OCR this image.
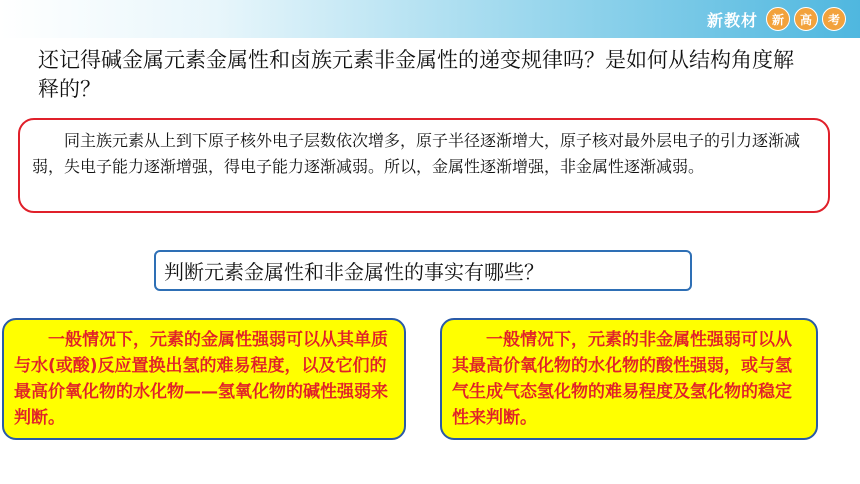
新教材	新	高	考
还记得碱金属元素金属性和卤族元素非金属性的递变规律吗？是如何从结构角度解释的？

同主族元素从上到下原子核外电子层数依次增多，原子半径逐渐增大，原子核对最外层电子的引力逐渐减弱，失电子能力逐渐增强，得电子能力逐渐减弱。所以，金属性逐渐增强，非金属性逐渐减弱。

判断元素金属性和非金属性的事实有哪些？

一般情况下，元素的金属性强弱可以从其单质与水(或酸)反应置换出氢的难易程度，以及它们的最高价氧化物的水化物——氢氧化物的碱性强弱来判断。

一般情况下，元素的非金属性强弱可以从其最高价氧化物的水化物的酸性强弱，或与氢气生成气态氢化物的难易程度及氢化物的稳定性来判断。
